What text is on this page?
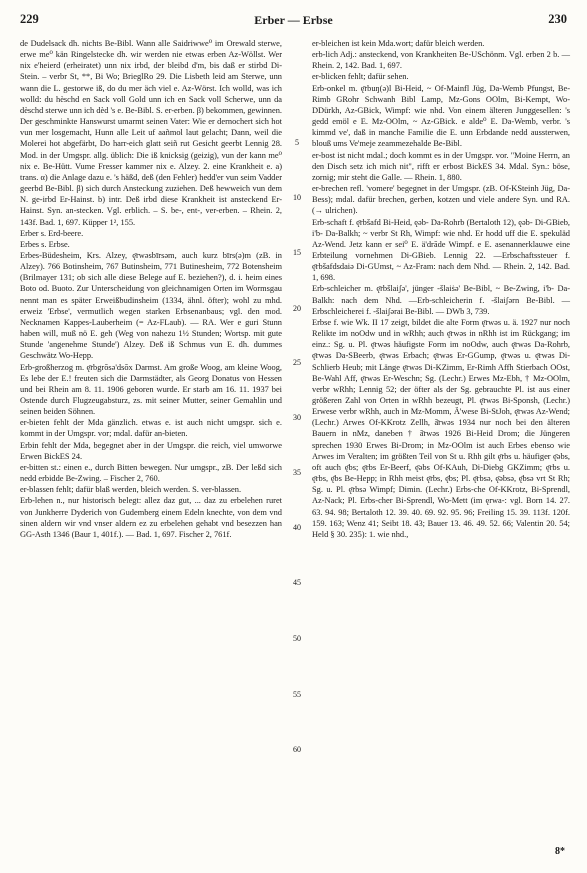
229	Erber — Erbse	230

de Dudelsack dh. nichts Be-Bibl. Wann alle Saidriwwe⁰ im Orewald sterwe, erwe me⁰ kän Ringelstecke dh. wir werden nie etwas erben Az-Wöllst. Wer nix e'heierd (erheiratet) unn nix irbd, der bleibd d'm, bis daß er stirbd Di-Stein. – verbr St, **, Bi Wo; BrieglRo 29. Die Lisbeth leid am Sterwe, unn wann die L. gestorwe iß, do du mer äch viel e. Az-Wörst. Ich wolld, was ich wolld: du hèschd en Sack voll Gold unn ich en Sack voll Scherwe, unn da dèschd sterwe unn ich dèd 's e. Be-Bibl. S. er-erben. β) bekommen, gewinnen. Der geschminkte Hanswurst umarmt seinen Vater: Wie er dernochert sich hot vun mer losgemacht, Hunn alle Leit uf aañmol laut gelacht; Dann, weil die Molerei hot abgefärbt, Do harr-eich glatt seiñ rut Gesicht geerbt Lennig 28. Mod. in der Umgspr. allg. üblich: Die iß knicksig (geizig), vun der kann me⁰ nix e. Be-Hütt. Vume Fresser kammer nix e. Alzey. 2. eine Krankheit e. a) trans. α) die Anlage dazu e. 's häßd, deß (den Fehler) hedd'er vun seim Vadder geerbd Be-Bibl. β) sich durch Ansteckung zuziehen. Deß hewweich vun dem N. ge-irbd Er-Hainst. b) intr. Deß irbd diese Krankheit ist ansteckend Er-Hainst. Syn. an-stecken. Vgl. erblich. – S. be-, ent-, ver-erben. – Rhein. 2, 143f. Bad. 1, 697. Küpper 1², 155.

Erber s. Erd-beere.

Erbes s. Erbse.

Erbes-Büdesheim, Krs. Alzey, ę̄rwəsbīrsəm, auch kurz bīrs(ə)m (zB. in Alzey). 766 Botinsheim, 767 Butinsheim, 771 Butinesheim, 772 Botensheim (Brilmayer 131; ob sich alle diese Belege auf E. beziehen?), d. i. heim eines Boto od. Buoto. Zur Unterscheidung von gleichnamigen Orten im Wormsgau nennt man es später Erweißbudinsheim (1334, ähnl. öfter); wohl zu mhd. erweiz 'Erbse', vermutlich wegen starken Erbsenanbaus; vgl. den mod. Necknamen Kappes-Lauberheim (= Az-FLaub). — RA. Wer e guri Stunn haben will, muß nö E. geh (Weg von nahezu 1½ Stunden; Wortsp. mit gute Stunde 'angenehme Stunde') Alzey. Deß iß Schmus vun E. dh. dummes Geschwätz Wo-Hepp.

Erb-großherzog m. ę̄rbgrōsə'dsōx Darmst. Am große Woog, am kleine Woog, Es lebe der E.! freuten sich die Darmstädter, als Georg Donatus von Hessen und bei Rhein am 8. 11. 1906 geboren wurde. Er starb am 16. 11. 1937 bei Ostende durch Flugzeugabsturz, zs. mit seiner Mutter, seiner Gemahlin und seinen beiden Söhnen.

er-bieten fehlt der Mda gänzlich. etwas e. ist auch nicht umgspr. sich e. kommt in der Umgspr. vor; mdal. dafür an-bieten.

Erbin fehlt der Mda, begegnet aber in der Umgspr. die reich, viel umworwe Erwen BickES 24.

er-bitten st.: einen e., durch Bitten bewegen. Nur umgspr., zB. Der leßd sich nedd erbidde Be-Zwing. – Fischer 2, 760.

er-blassen fehlt; dafür blaß werden, bleich werden. S. ver-blassen.

Erb-lehen n., nur historisch belegt: allez daz gut, ... daz zu erbelehen ruret von Junkherre Dyderich von Gudemberg einem Edeln knechte, von dem vnd sinen aldern wir vnd vnser aldern ez zu erbelehen gehabt vnd besezzen han GG-Asth 1346 (Baur 1, 401f.). — Bad. 1, 697. Fischer 2, 761f.

5
10
15
20
25
30
35
40
45
50
55
60

er-bleichen ist kein Mda.wort; dafür bleich werden.

erb-lich Adj.: ansteckend, von Krankheiten Be-USchönm. Vgl. erben 2 b. — Rhein. 2, 142. Bad. 1, 697.

er-blicken fehlt; dafür sehen.

Erb-onkel m. ę̄rbuŋ(ə)l Bi-Heid, ~ Of-Mainfl Jüg, Da-Wemb Pfungst, Be-Rimb GRohr Schwanh Bibl Lamp, Mz-Gons OOlm, Bi-Kempt, Wo-DDürkh, Az-GBick, Wimpf: wie nhd. Von einem älteren Junggesellen: 's gedd emöl e E. Mz-OOlm, ~ Az-GBick. e alde⁰ E. Da-Wemb, verbr. 's kimmd ve', daß in manche Familie die E. unn Erbdande nedd aussterwen, blouß ums Ve'meje zeammezehalde Be-Bibl.

er-bost ist nicht mdal.; doch kommt es in der Umgspr. vor. "Moine Herrn, an den Disch setz ich mich nit", rifft er erbost BickES 34. Mdal. Syn.: böse, zornig; mir steht die Galle. — Rhein. 1, 880.

er-brechen refl. 'vomere' begegnet in der Umgspr. (zB. Of-KSteinh Jüg, Da-Bess); mdal. dafür brechen, gerben, kotzen und viele andere Syn. und RA. (→ ulrichen).

Erb-schaft f. ę̄rbšafd Bi-Heid, ęəb- Da-Rohrb (Bertaloth 12), ęəb- Di-GBieb, i'b- Da-Balkh; ~ verbr St Rh, Wimpf: wie nhd. Er hodd uff die E. spekuläd Az-Wend. Jetz kann er sei⁰ E. ä'drāde Wimpf. e E. asenannerklauwe eine Erbteilung vornehmen Di-GBieb. Lennig 22. —Erbschaftssteuer f. ę̄rbšafdsdaiə Di-GUmst, ~ Az-Fram: nach dem Nhd. — Rhein. 2, 142. Bad. 1, 698.

Erb-schleicher m. ę̄rbšlaiʃə', jünger -šlaiṡə' Be-Bibl, ~ Be-Zwing, i'b- Da-Balkh: nach dem Nhd. —Erb-schleicherin f. -šlaiʃərn Be-Bibl. —Erbschleicherei f. -šlaiʃərai Be-Bibl. — DWb 3, 739.

Erbse f. wie Wk. II 17 zeigt, bildet die alte Form ę̄rwəs u. ä. 1927 nur noch Relikte im noOdw und in wRhh; auch ę̄rwəs in nRhh ist im Rückgang; im einz.: Sg. u. Pl. ę̄rwəs häufigste Form im noOdw, auch ę̄rwəs Da-Rohrb, ę̄rwəs Da-SBeerb, ę̄rwəs Erbach; ę̄rwəs Er-GGump, ę̄rwəs u. ę̄rwəs Di-Schlierb Heub; mit Länge ę̄rwəs Di-KZimm, Er-Rimh Affh Stierbach OOst, Be-Wahl Aff, ę̄rwəs Er-Weschn; Sg. (Lechr.) Erwes Mz-Ebh, † Mz-OOlm, verbr wRhh; Lennig 52; der öfter als der Sg. gebrauchte Pl. ist aus einer größeren Zahl von Orten in wRhh bezeugt, Pl. ę̄rwəs Bi-Sponsh, (Lechr.) Erwese verbr wRhh, auch in Mz-Momm, Ä'wese Bi-StJoh, ę̄rwəs Az-Wend; (Lechr.) Arwes Of-KKrotz Zellh, ā̄rwəs 1934 nur noch bei den älteren Bauern in nMz, daneben † ā̄rwəs 1926 Bi-Heid Drom; die Jüngeren sprechen 1930 Erwes Bi-Drom; in Mz-OOlm ist auch Erbes ebenso wie Arwes im Veralten; im größten Teil von St u. Rhh gilt ę̄rbs u. häufiger ę̄əbs, oft auch ę̄bs; ę̄rbs Er-Beerf, ę̄əbs Of-KAuh, Di-Diebg GKZimm; ę̄rbs u. ę̄rbs, ę̄bs Be-Hepp; in Rhh meist ę̄rbs, ę̄bs; Pl. ę̄rbsə, ę̄əbsə, ę̄bsə vrt St Rh; Sg. u. Pl. ę̄rbsə Wimpf; Dimin. (Lechr.) Erbs-che Of-KKrotz, Bi-Sprendl, Az-Nack; Pl. Erbs-cher Bi-Sprendl, Wo-Mett (im ęrwa-: vgl. Born 14. 27. 63. 94. 98; Bertaloth 12. 39. 40. 69. 92. 95. 96; Freiling 15. 39. 113f. 120f. 159. 163; Wenz 41; Seibt 18. 43; Bauer 13. 46. 49. 52. 66; Valentin 20. 54; Held § 30. 235): 1. wie nhd.,

8*
